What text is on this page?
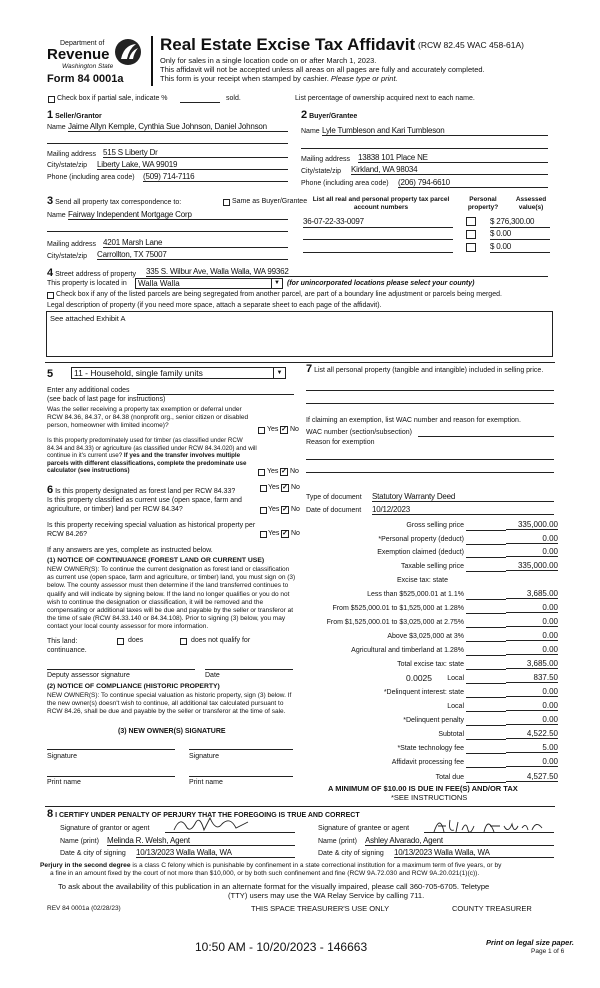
Department of
Revenue
Washington State
Form 84 0001a
Real Estate Excise Tax Affidavit (RCW 82.45 WAC 458-61A)
Only for sales in a single location code on or after March 1, 2023.
This affidavit will not be accepted unless all areas on all pages are fully and accurately completed.
This form is your receipt when stamped by cashier. Please type or print.
Check box if partial sale, indicate %	sold.	List percentage of ownership acquired next to each name.
1 Seller/Grantor
Name Jaime Allyn Kemple, Cynthia Sue Johnson, Daniel Johnson
Mailing address 515 S Liberty Dr
City/state/zip Liberty Lake, WA 99019
Phone (including area code) (509) 714-7116
2 Buyer/Grantee
Name Lyle Tumbleson and Kari Tumbleson
Mailing address 13838 101 Place NE
City/state/zip Kirkland, WA 98034
Phone (including area code) (206) 794-6610
3 Send all property tax correspondence to:	Same as Buyer/Grantee
Name Fairway Independent Mortgage Corp
Mailing address 4201 Marsh Lane
City/state/zip Carrollton, TX 75007
List all real and personal property tax parcel account numbers
Personal property?
Assessed value(s)
36-07-22-33-0097	$ 276,300.00
$ 0.00
$ 0.00
4 Street address of property 335 S. Wilbur Ave, Walla Walla, WA 99362
This property is located in	Walla Walla	▼ (for unincorporated locations please select your county)
Check box if any of the listed parcels are being segregated from another parcel, are part of a boundary line adjustment or parcels being merged.
Legal description of property (if you need more space, attach a separate sheet to each page of the affidavit).
See attached Exhibit A
5	11 - Household, single family units	▼
Enter any additional codes
(see back of last page for instructions)
Was the seller receiving a property tax exemption or deferral under RCW 84.36, 84.37, or 84.38 (nonprofit org., senior citizen or disabled person, homeowner with limited income)?
Yes ✓ No
Is this property predominately used for timber (as classified under RCW 84.34 and 84.33) or agriculture (as classified under RCW 84.34.020) and will continue in it's current use? If yes and the transfer involves multiple parcels with different classifications, complete the predominate use calculator (see instructions)	Yes ✓ No
6 Is this property designated as forest land per RCW 84.33?
Yes ✓ No
Is this property classified as current use (open space, farm and agriculture, or timber) land per RCW 84.34?	Yes ✓ No
Is this property receiving special valuation as historical property per RCW 84.26?	Yes ✓ No
If any answers are yes, complete as instructed below.
(1) NOTICE OF CONTINUANCE (FOREST LAND OR CURRENT USE)
NEW OWNER(S): To continue the current designation as forest land or classification as current use (open space, farm and agriculture, or timber) land, you must sign on (3) below. The county assessor must then determine if the land transferred continues to qualify and will indicate by signing below. If the land no longer qualifies or you do not wish to continue the designation or classification, it will be removed and the compensating or additional taxes will be due and payable by the seller or transferor at the time of sale (RCW 84.33.140 or 84.34.108). Prior to signing (3) below, you may contact your local county assessor for more information.
This land:	does	does not qualify for
continuance.
Deputy assessor signature	Date
(2) NOTICE OF COMPLIANCE (HISTORIC PROPERTY)
NEW OWNER(S): To continue special valuation as historic property, sign (3) below. If the new owner(s) doesn't wish to continue, all additional tax calculated pursuant to RCW 84.26, shall be due and payable by the seller or transferor at the time of sale.
(3) NEW OWNER(S) SIGNATURE
Signature	Signature
Print name	Print name
7 List all personal property (tangible and intangible) included in selling price.
If claiming an exemption, list WAC number and reason for exemption.
WAC number (section/subsection)
Reason for exemption
Type of document Statutory Warranty Deed
Date of document 10/12/2023
Gross selling price	335,000.00
*Personal property (deduct)	0.00
Exemption claimed (deduct)	0.00
Taxable selling price	335,000.00
Excise tax: state
Less than $525,000.01 at 1.1%	3,685.00
From $525,000.01 to $1,525,000 at 1.28%	0.00
From $1,525,000.01 to $3,025,000 at 2.75%	0.00
Above $3,025,000 at 3%	0.00
Agricultural and timberland at 1.28%	0.00
Total excise tax: state	3,685.00
0.0025	Local	837.50
*Delinquent interest: state	0.00
Local	0.00
*Delinquent penalty	0.00
Subtotal	4,522.50
*State technology fee	5.00
Affidavit processing fee	0.00
Total due	4,527.50
A MINIMUM OF $10.00 IS DUE IN FEE(S) AND/OR TAX
*SEE INSTRUCTIONS
8 I CERTIFY UNDER PENALTY OF PERJURY THAT THE FOREGOING IS TRUE AND CORRECT
Signature of grantor or agent
Name (print) Melinda R. Welsh, Agent
Date & city of signing 10/13/2023 Walla Walla, WA
Signature of grantee or agent
Name (print) Ashley Alvarado, Agent
Date & city of signing 10/13/2023 Walla Walla, WA
Perjury in the second degree is a class C felony which is punishable by confinement in a state correctional institution for a maximum term of five years, or by
a fine in an amount fixed by the court of not more than $10,000, or by both such confinement and fine (RCW 9A.72.030 and RCW 9A.20.021(1)(c)).
To ask about the availability of this publication in an alternate format for the visually impaired, please call 360-705-6705. Teletype
(TTY) users may use the WA Relay Service by calling 711.
REV 84 0001a (02/28/23)	THIS SPACE TREASURER'S USE ONLY	COUNTY TREASURER
10:50 AM - 10/20/2023 - 146663	Print on legal size paper.
Page 1 of 6
